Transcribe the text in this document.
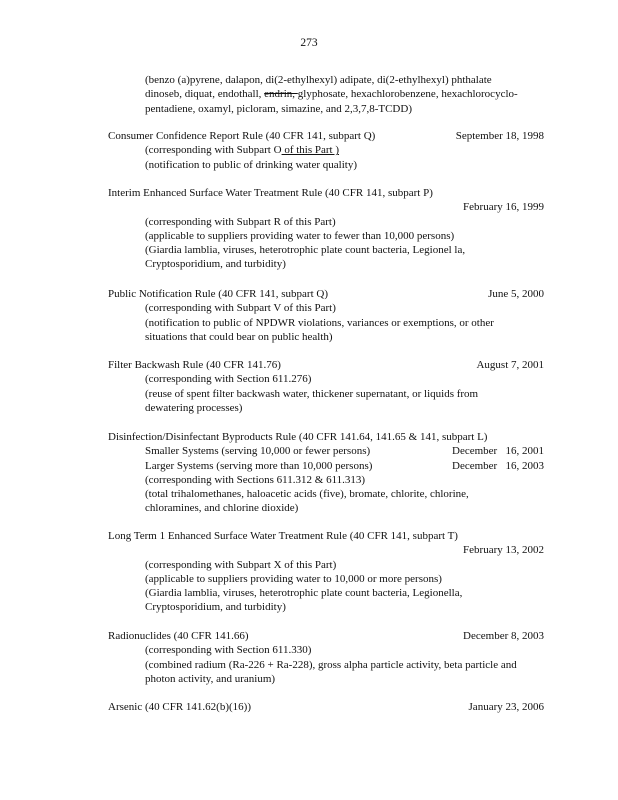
273
(benzo (a)pyrene, dalapon, di(2-ethylhexyl) adipate, di(2-ethylhexyl) phthalate
dinoseb, diquat, endothall, endrin, glyphosate, hexachlorobenzene, hexachlorocyclo-
pentadiene, oxamyl, picloram, simazine, and 2,3,7,8-TCDD)
Consumer Confidence Report Rule (40 CFR 141, subpart Q)	September 18, 1998
(corresponding with Subpart O of this Part )
(notification to public of drinking water quality)
Interim Enhanced Surface Water Treatment Rule (40 CFR 141, subpart P)
February 16, 1999
(corresponding with Subpart R of this Part)
(applicable to suppliers providing water to fewer than 10,000 persons)
(Giardia lamblia, viruses, heterotrophic plate count bacteria, Legionel la,
Cryptosporidium, and turbidity)
Public Notification Rule (40 CFR 141, subpart Q)	June 5, 2000
(corresponding with Subpart V of this Part)
(notification to public of NPDWR violations, variances or exemptions, or other
situations that could bear on public health)
Filter Backwash Rule (40 CFR 141.76)	August 7, 2001
(corresponding with Section 611.276)
(reuse of spent filter backwash water, thickener supernatant, or liquids from
dewatering processes)
Disinfection/Disinfectant Byproducts Rule (40 CFR 141.64, 141.65 & 141, subpart L)
Smaller Systems (serving 10,000 or fewer persons)	December 16, 2001
Larger Systems (serving more than 10,000 persons)	December 16, 2003
(corresponding with Sections 611.312 & 611.313)
(total trihalomethanes, haloacetic acids (five), bromate, chlorite, chlorine,
chloramines, and chlorine dioxide)
Long Term 1 Enhanced Surface Water Treatment Rule (40 CFR 141, subpart T)
February 13, 2002
(corresponding with Subpart X of this Part)
(applicable to suppliers providing water to 10,000 or more persons)
(Giardia lamblia, viruses, heterotrophic plate count bacteria, Legionella,
Cryptosporidium, and turbidity)
Radionuclides (40 CFR 141.66)	December 8, 2003
(corresponding with Section 611.330)
(combined radium (Ra-226 + Ra-228), gross alpha particle activity, beta particle and
photon activity, and uranium)
Arsenic (40 CFR 141.62(b)(16))	January 23, 2006
